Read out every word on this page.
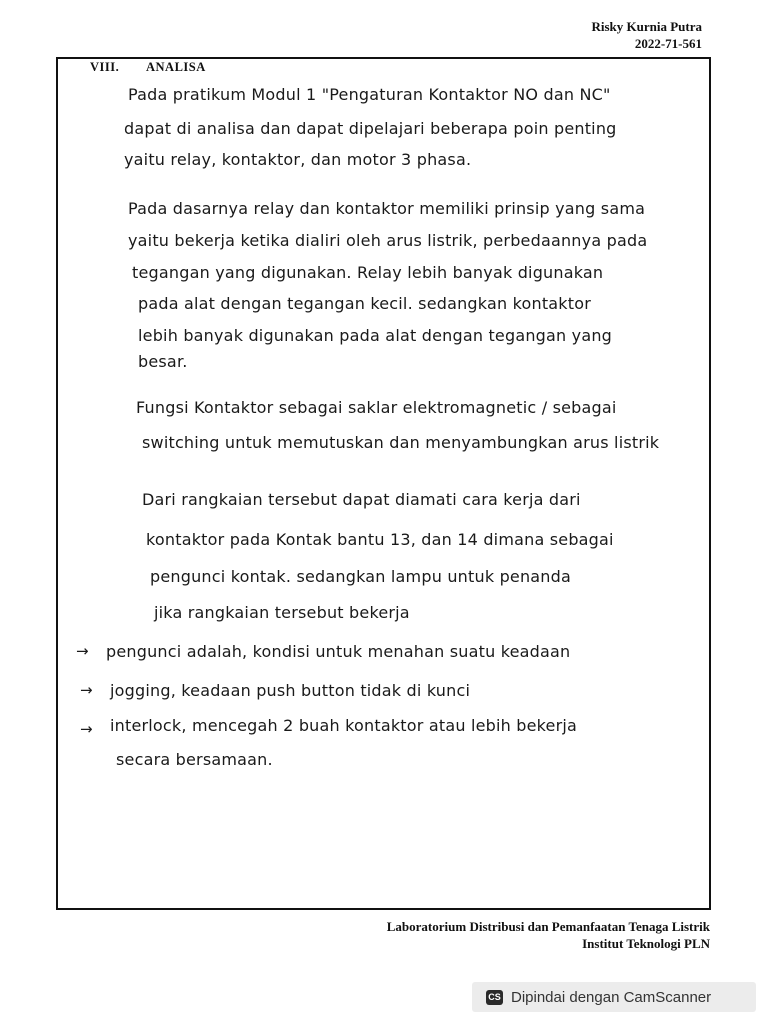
Risky Kurnia Putra
2022-71-561
VIII. ANALISA
Pada pratikum Modul 1 "Pengaturan Kontaktor NO dan NC"
dapat di analisa dan dapat dipelajari beberapa poin penting
yaitu relay, kontaktor, dan motor 3 phasa.
Pada dasarnya relay dan kontaktor memiliki prinsip yang sama
yaitu bekerja ketika dialiri oleh arus listrik, perbedaannya pada
tegangan yang digunakan. Relay lebih banyak digunakan
pada alat dengan tegangan kecil. sedangkan kontaktor
lebih banyak digunakan pada alat dengan tegangan yang
besar.
Fungsi Kontaktor sebagai saklar elektromagnetic / sebagai
switching untuk memutuskan dan menyambungkan arus listrik
Dari rangkaian tersebut dapat diamati cara kerja dari
kontaktor pada Kontak bantu 13, dan 14 dimana sebagai
pengunci kontak. sedangkan lampu untuk penanda
jika rangkaian tersebut bekerja
→ pengunci adalah, kondisi untuk menahan suatu keadaan
→ jogging, keadaan push button tidak di kunci
→ interlock, mencegah 2 buah kontaktor atau lebih bekerja
secara bersamaan.
Laboratorium Distribusi dan Pemanfaatan Tenaga Listrik
Institut Teknologi PLN
CS Dipindai dengan CamScanner
